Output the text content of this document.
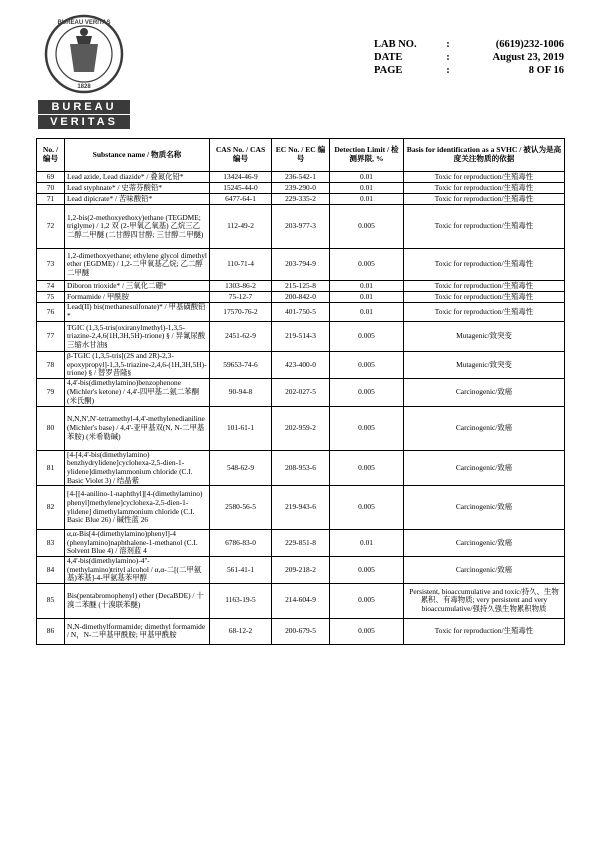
BUREAU VERITAS
1828
BUREAU
VERITAS
LAB NO.	:	(6619)232-1006
DATE	:	August 23, 2019
PAGE	:	8 OF 16
No. / 编号	Substance name / 物质名称	CAS No. / CAS 编号	EC No. / EC 编号	Detection Limit / 检测界限, %	Basis for identification as a SVHC / 被认为是高度关注物质的依据
69	Lead azide, Lead diazide* / 叠氮化铅*	13424-46-9	236-542-1	0.01	Toxic for reproduction/生殖毒性
70	Lead styphnate* / 史蒂芬酸铅*	15245-44-0	239-290-0	0.01	Toxic for reproduction/生殖毒性
71	Lead dipicrate* / 苦味酸铅*	6477-64-1	229-335-2	0.01	Toxic for reproduction/生殖毒性
72	1,2-bis(2-methoxyethoxy)ethane (TEGDME; triglyme) / 1,2 双 (2-甲氧乙氧基) 乙烷三乙二醇二甲醚 (二甘醇四甘醇; 三甘醇二甲醚)	112-49-2	203-977-3	0.005	Toxic for reproduction/生殖毒性
73	1,2-dimethoxyethane; ethylene glycol dimethyl ether (EGDME) / 1,2-二甲氧基乙烷; 乙二醇二甲醚	110-71-4	203-794-9	0.005	Toxic for reproduction/生殖毒性
74	Diboron trioxide* / 三氧化二硼*	1303-86-2	215-125-8	0.01	Toxic for reproduction/生殖毒性
75	Formamide / 甲酰胺	75-12-7	200-842-0	0.01	Toxic for reproduction/生殖毒性
76	Lead(II) bis(methanesulfonate)* / 甲基磺酸铅*	17570-76-2	401-750-5	0.01	Toxic for reproduction/生殖毒性
77	TGIC (1,3,5-tris(oxiranylmethyl)-1,3,5-triazine-2,4,6(1H,3H,5H)-trione) § / 异氰尿酸三缩水甘油§	2451-62-9	219-514-3	0.005	Mutagenic/致突变
78	β-TGIC (1,3,5-tris[(2S and 2R)-2,3-epoxypropyl]-1,3,5-triazine-2,4,6-(1H,3H,5H)-trione) § / 替罗昔隆§	59653-74-6	423-400-0	0.005	Mutagenic/致突变
79	4,4'-bis(dimethylamino)benzophenone (Michler's ketone) / 4,4'-四甲基二氨二苯酮(米氏酮)	90-94-8	202-027-5	0.005	Carcinogenic/致癌
80	N,N,N',N'-tetramethyl-4,4'-methylenedianiline (Michler's base) / 4,4'-亚甲基双(N, N-二甲基苯胺) (米希勒碱)	101-61-1	202-959-2	0.005	Carcinogenic/致癌
81	[4-[4,4'-bis(dimethylamino) benzhydrylidene]cyclohexa-2,5-dien-1-ylidene]dimethylammonium chloride (C.I. Basic Violet 3) / 结晶紫	548-62-9	208-953-6	0.005	Carcinogenic/致癌
82	[4-[[4-anilino-1-naphthyl][4-(dimethylamino) phenyl]methylene]cyclohexa-2,5-dien-1-ylidene] dimethylammonium chloride (C.I. Basic Blue 26) / 碱性蓝 26	2580-56-5	219-943-6	0.005	Carcinogenic/致癌
83	α,α-Bis[4-(dimethylamino)phenyl]-4 (phenylamino)naphthalene-1-methanol (C.I. Solvent Blue 4) / 溶剂蓝 4	6786-83-0	229-851-8	0.01	Carcinogenic/致癌
84	4,4'-bis(dimethylamino)-4''-(methylamino)trityl alcohol / α,α-二[(二甲氨基)苯基]-4-甲氨基苯甲醇	561-41-1	209-218-2	0.005	Carcinogenic/致癌
85	Bis(pentabromophenyl) ether (DecaBDE) / 十溴二苯醚 (十溴联苯醚)	1163-19-5	214-604-9	0.005	Persistent, bioaccumulative and toxic/持久、生物累积、有毒物质; very persistent and very bioaccumulative/强持久强生物累积物质
86	N,N-dimethylformamide; dimethyl formamide / N，N-二甲基甲酰胺; 甲基甲酰胺	68-12-2	200-679-5	0.005	Toxic for reproduction/生殖毒性
